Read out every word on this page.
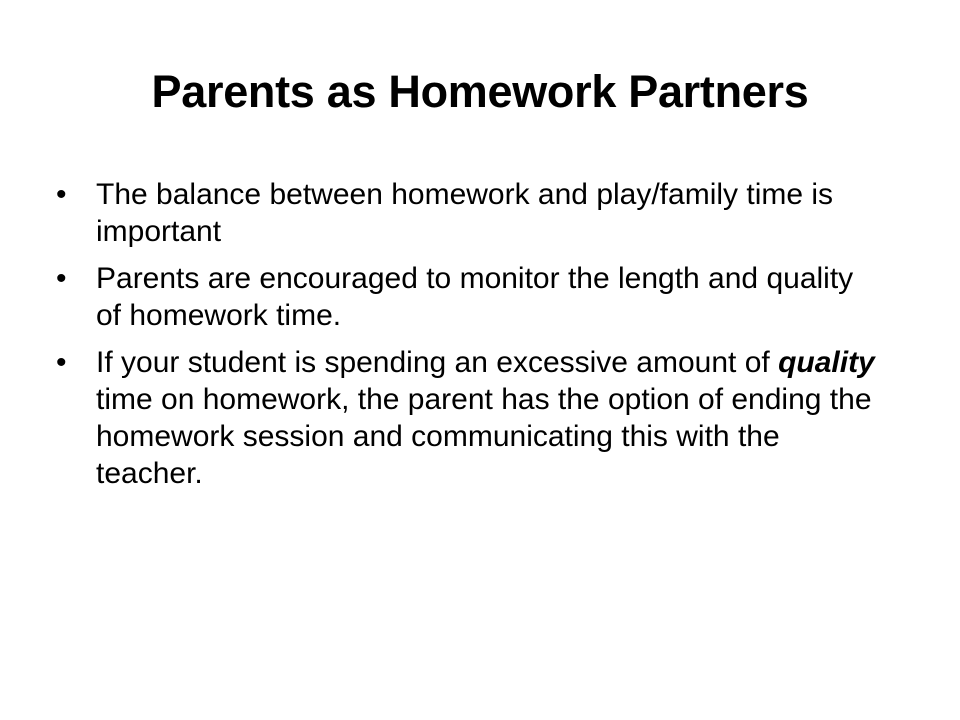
Parents as Homework Partners
• The balance between homework and play/family time is important
• Parents are encouraged to monitor the length and quality of homework time.
• If your student is spending an excessive amount of quality time on homework, the parent has the option of ending the homework session and communicating this with the teacher.
